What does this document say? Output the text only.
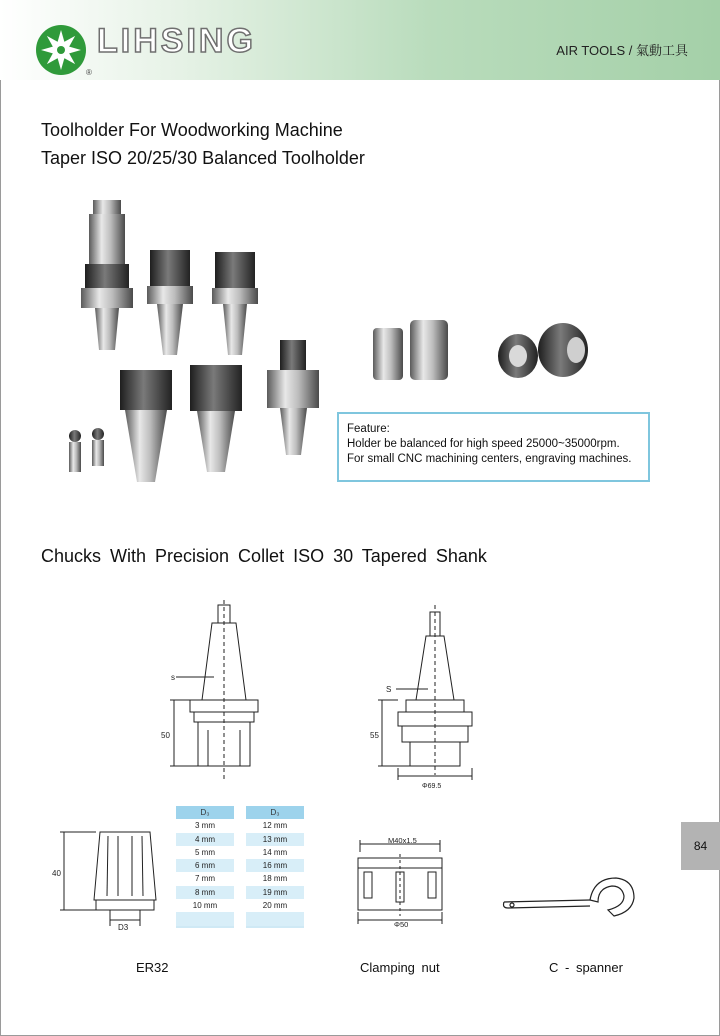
LIHSING
®
AIR TOOLS / 氣動工具
Toolholder For Woodworking Machine
Taper ISO 20/25/30 Balanced Toolholder
Feature:
Holder be balanced for high speed 25000~35000rpm.
For small CNC machining centers, engraving machines.
Chucks With Precision Collet ISO 30 Tapered Shank
s
50
S
55
Φ69.5
40
D3
D₃
3 mm
4 mm
5 mm
6 mm
7 mm
8 mm
10 mm
D₃
12 mm
13 mm
14 mm
16 mm
18 mm
19 mm
20 mm
M40x1.5
Φ50
ER32	Clamping nut	C - spanner
84
